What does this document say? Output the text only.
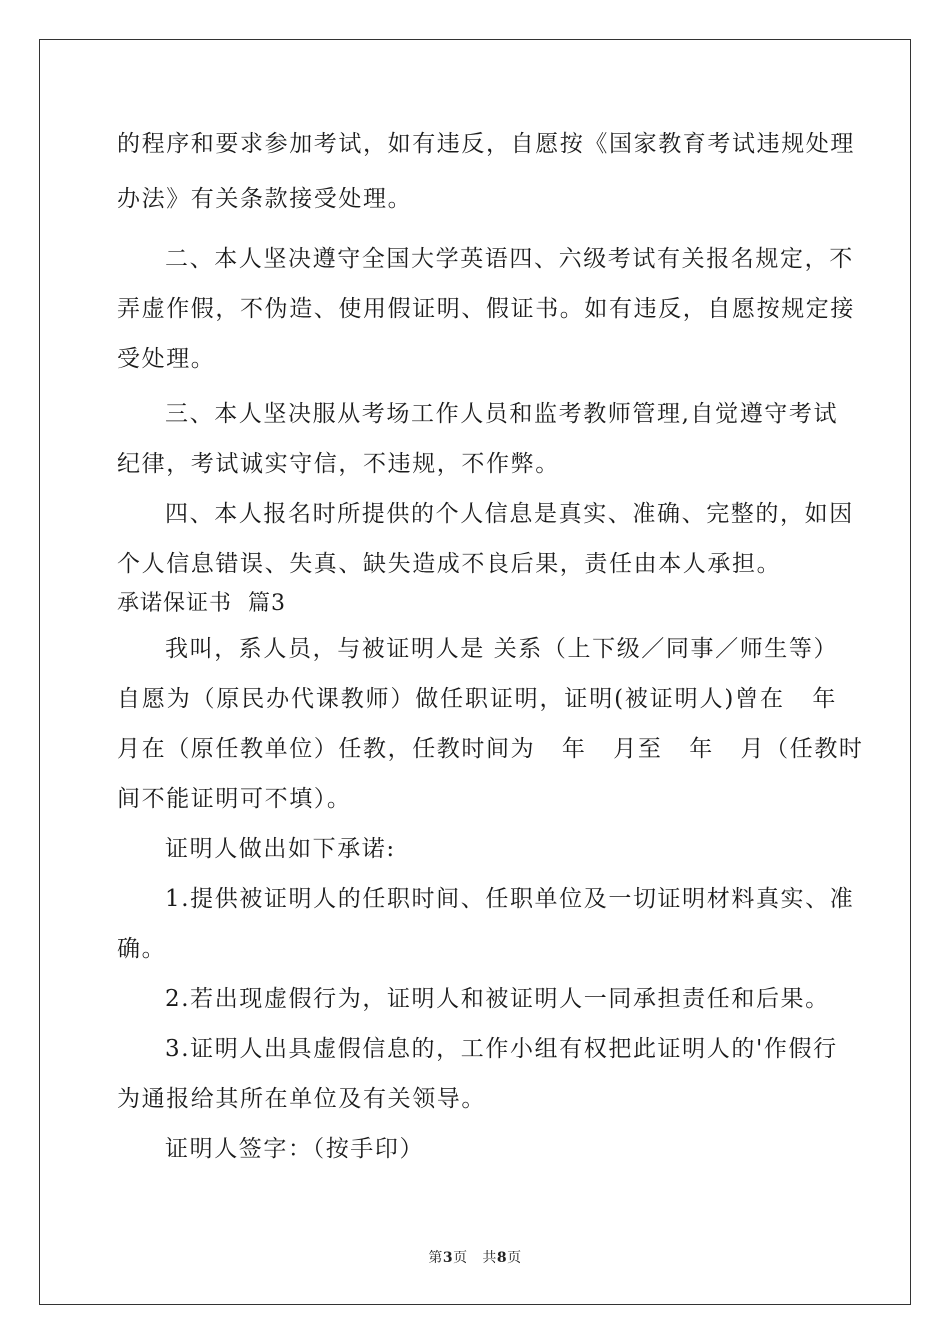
的程序和要求参加考试，如有违反，自愿按《国家教育考试违规处理
办法》有关条款接受处理。
二、本人坚决遵守全国大学英语四、六级考试有关报名规定，不
弄虚作假，不伪造、使用假证明、假证书。如有违反，自愿按规定接
受处理。
三、本人坚决服从考场工作人员和监考教师管理,自觉遵守考试
纪律，考试诚实守信，不违规，不作弊。
四、本人报名时所提供的个人信息是真实、准确、完整的，如因
个人信息错误、失真、缺失造成不良后果，责任由本人承担。
承诺保证书  篇3
我叫，系人员，与被证明人是 关系（上下级／同事／师生等）
自愿为（原民办代课教师）做任职证明，证明(被证明人)曾在   年
月在（原任教单位）任教，任教时间为   年   月至   年   月（任教时
间不能证明可不填）。
证明人做出如下承诺:
1.提供被证明人的任职时间、任职单位及一切证明材料真实、准
确。
2.若出现虚假行为，证明人和被证明人一同承担责任和后果。
3.证明人出具虚假信息的，工作小组有权把此证明人的'作假行
为通报给其所在单位及有关领导。
证明人签字：（按手印）
第3页 共8页
